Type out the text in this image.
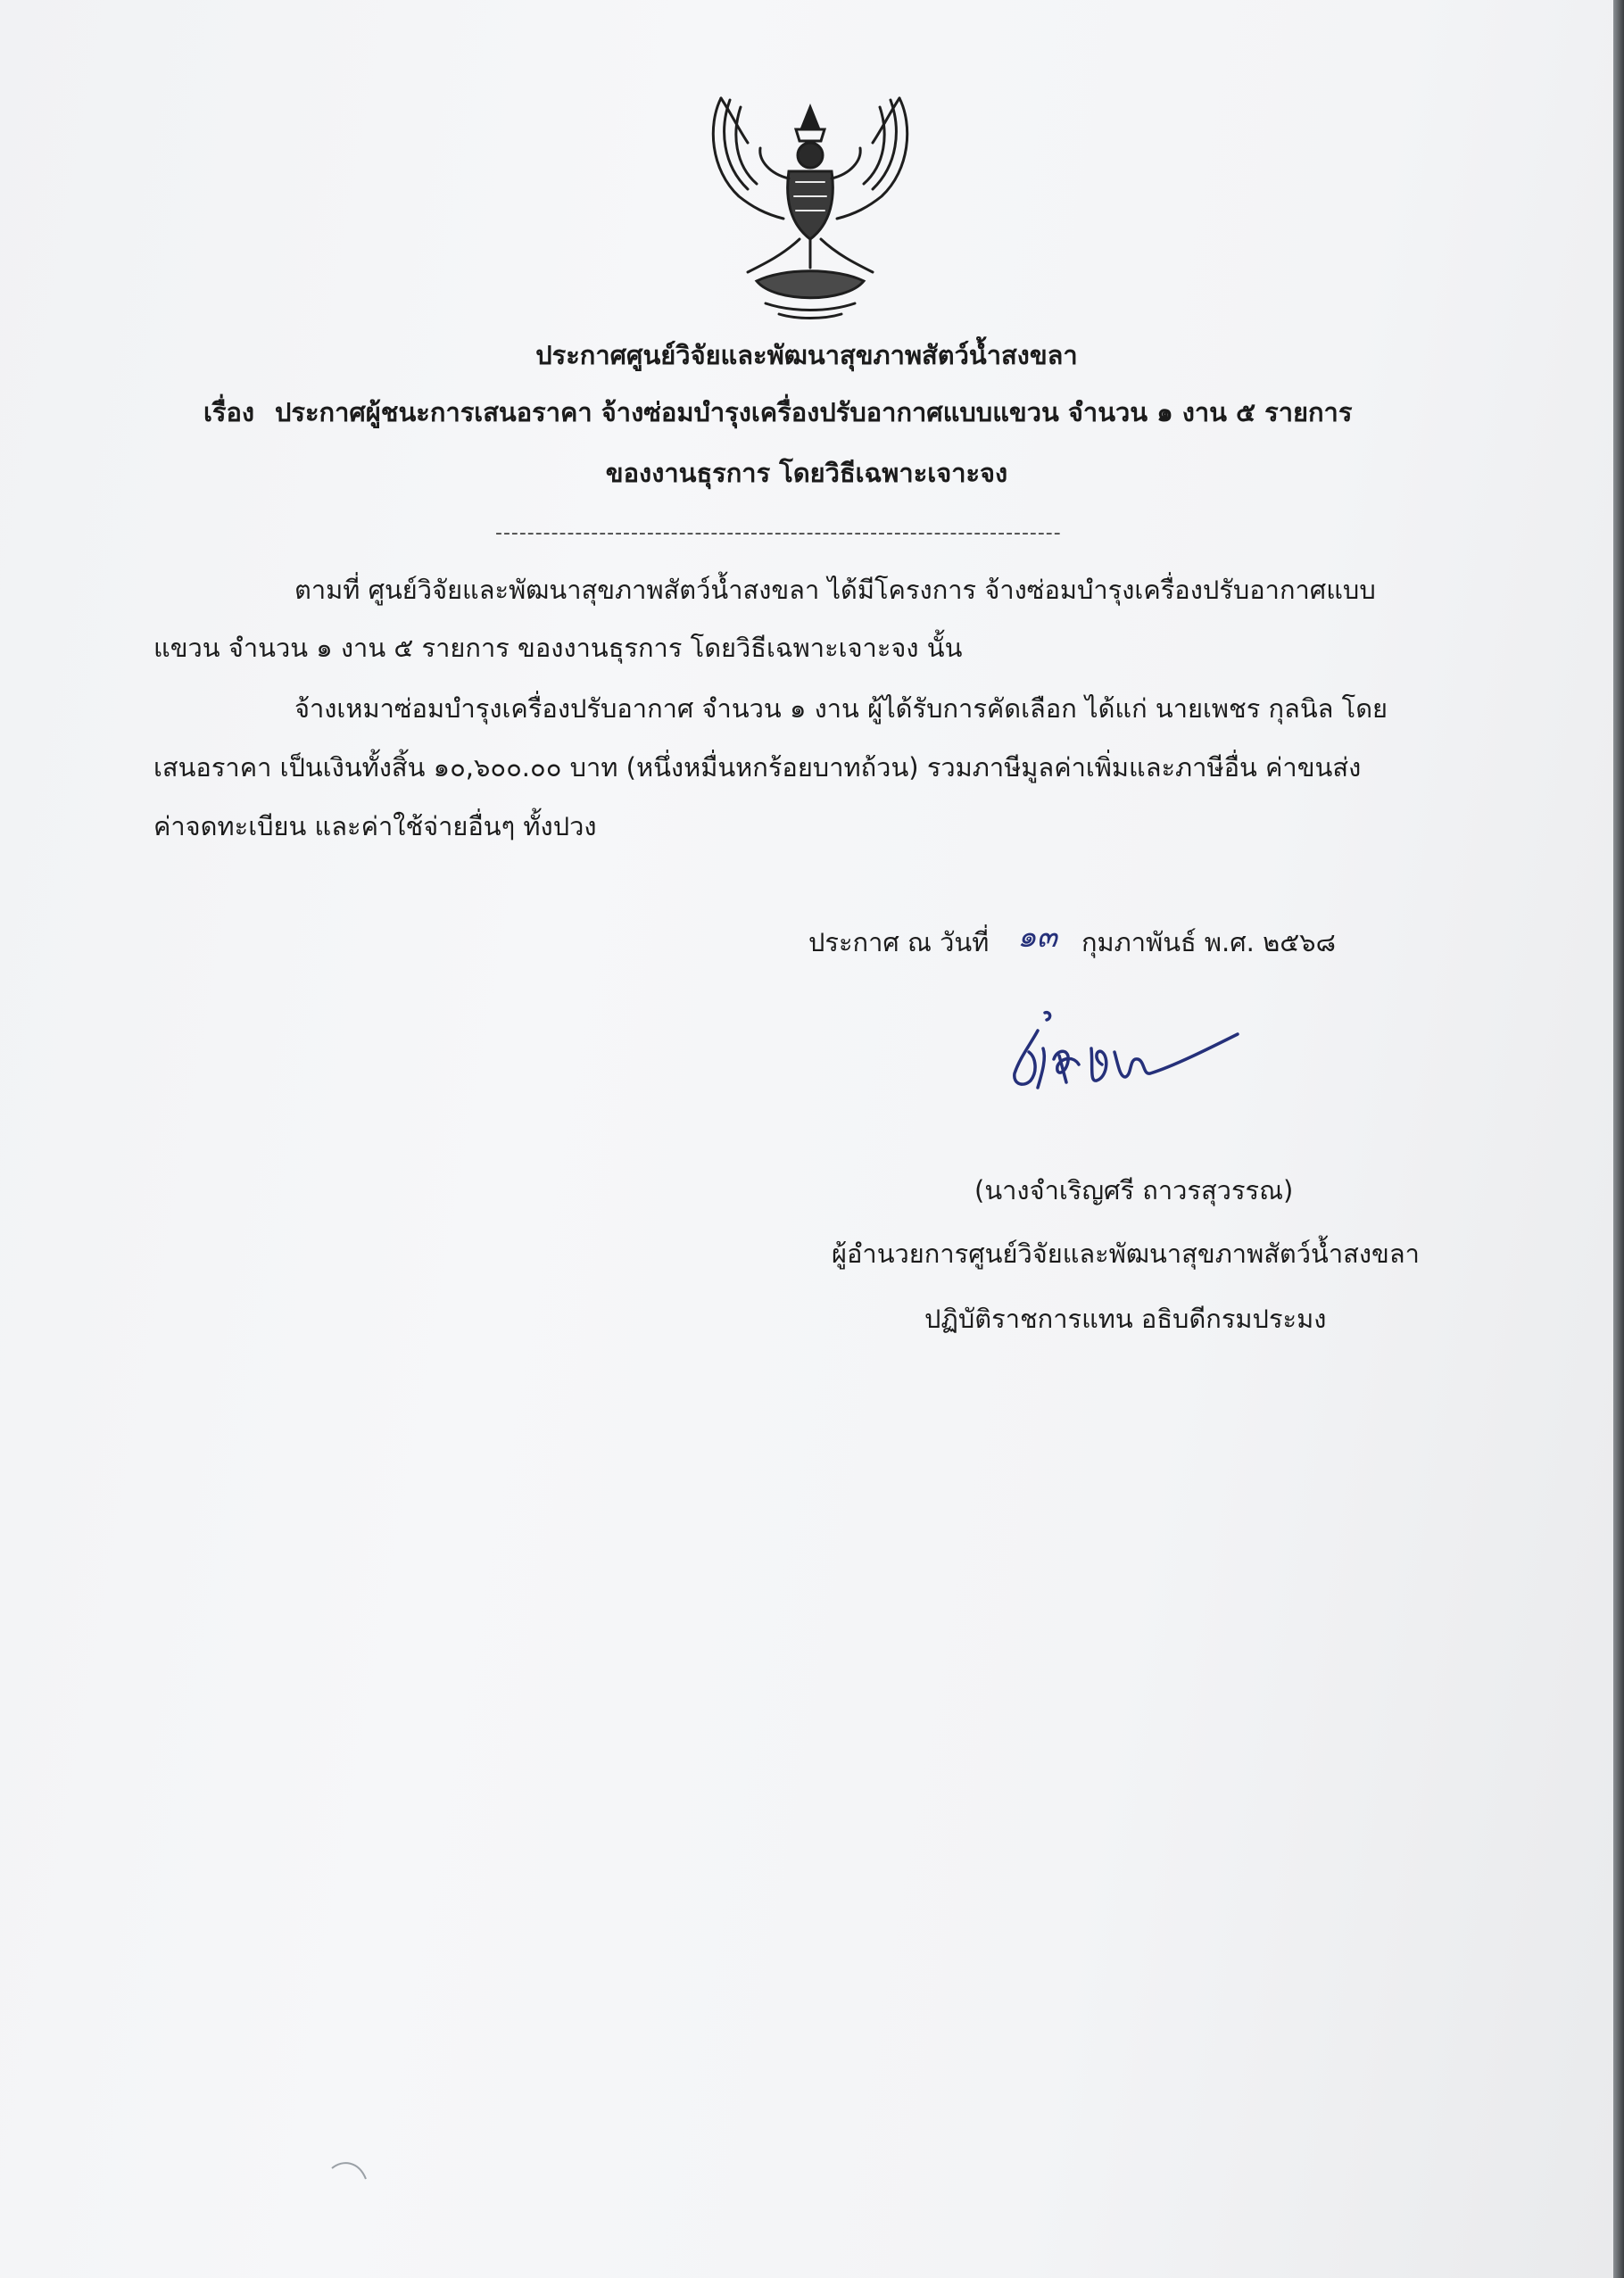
ประกาศศูนย์วิจัยและพัฒนาสุขภาพสัตว์น้ำสงขลา
เรื่อง ประกาศผู้ชนะการเสนอราคา จ้างซ่อมบำรุงเครื่องปรับอากาศแบบแขวน จำนวน ๑ งาน ๕ รายการ
ของงานธุรการ โดยวิธีเฉพาะเจาะจง
-----------------------------------------------------------------------
ตามที่ ศูนย์วิจัยและพัฒนาสุขภาพสัตว์น้ำสงขลา ได้มีโครงการ จ้างซ่อมบำรุงเครื่องปรับอากาศแบบ
แขวน จำนวน ๑ งาน ๕ รายการ ของงานธุรการ โดยวิธีเฉพาะเจาะจง นั้น
จ้างเหมาซ่อมบำรุงเครื่องปรับอากาศ จำนวน ๑ งาน ผู้ได้รับการคัดเลือก ได้แก่ นายเพชร กุลนิล โดย
เสนอราคา เป็นเงินทั้งสิ้น ๑๐,๖๐๐.๐๐ บาท (หนึ่งหมื่นหกร้อยบาทถ้วน) รวมภาษีมูลค่าเพิ่มและภาษีอื่น ค่าขนส่ง
ค่าจดทะเบียน และค่าใช้จ่ายอื่นๆ ทั้งปวง
ประกาศ ณ วันที่ ๑๓ กุมภาพันธ์ พ.ศ. ๒๕๖๘
(นางจำเริญศรี ถาวรสุวรรณ)
ผู้อำนวยการศูนย์วิจัยและพัฒนาสุขภาพสัตว์น้ำสงขลา
ปฏิบัติราชการแทน อธิบดีกรมประมง
